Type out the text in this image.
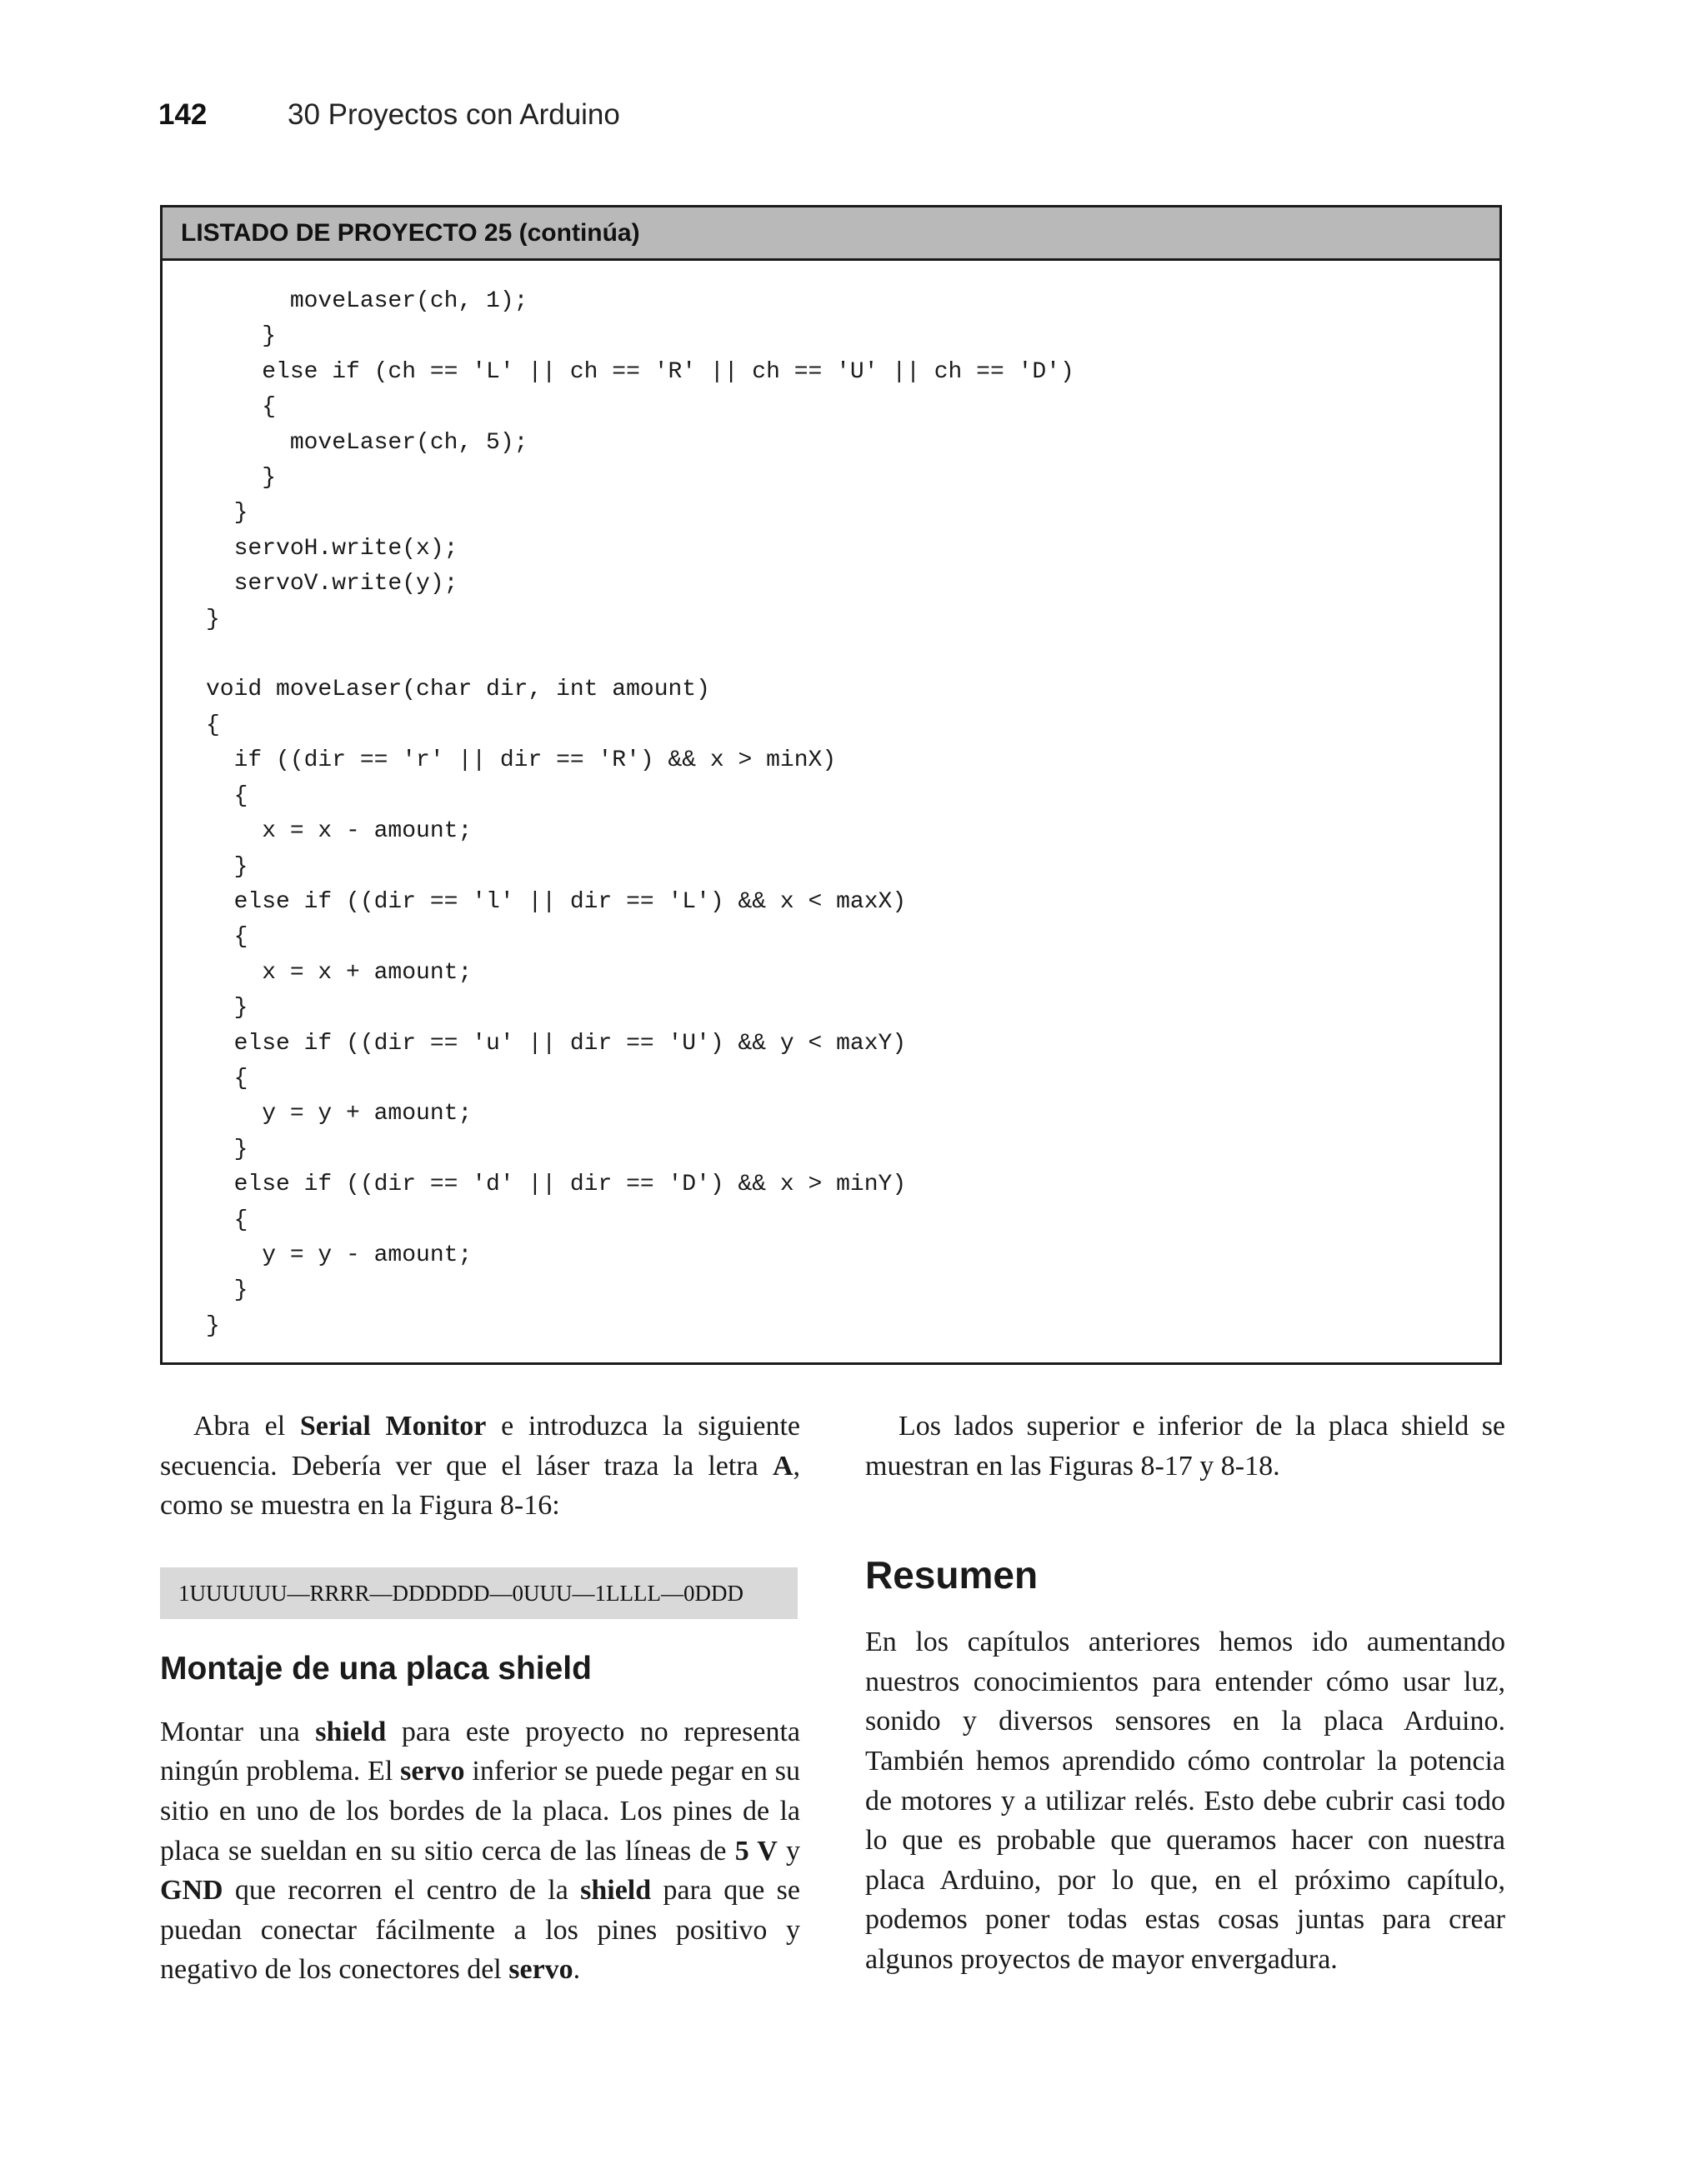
142	30 Proyectos con Arduino
LISTADO DE PROYECTO 25 (continúa)
moveLaser(ch, 1);
}
else if (ch == 'L' || ch == 'R' || ch == 'U' || ch == 'D')
{
moveLaser(ch, 5);
}
}
servoH.write(x);
servoV.write(y);
}

void moveLaser(char dir, int amount)
{
if ((dir == 'r' || dir == 'R') && x > minX)
{
x = x - amount;
}
else if ((dir == 'l' || dir == 'L') && x < maxX)
{
x = x + amount;
}
else if ((dir == 'u' || dir == 'U') && y < maxY)
{
y = y + amount;
}
else if ((dir == 'd' || dir == 'D') && x > minY)
{
y = y - amount;
}
}

Abra el Serial Monitor e introduzca la siguiente secuencia. Debería ver que el láser traza la letra A, como se muestra en la Figura 8-16:

1UUUUUU—RRRR—DDDDDD—0UUU—1LLLL—0DDD
Montaje de una placa shield

Montar una shield para este proyecto no representa ningún problema. El servo inferior se puede pegar en su sitio en uno de los bordes de la placa. Los pines de la placa se sueldan en su sitio cerca de las líneas de 5 V y GND que recorren el centro de la shield para que se puedan conectar fácilmente a los pines positivo y negativo de los conectores del servo.

Los lados superior e inferior de la placa shield se muestran en las Figuras 8-17 y 8-18.

Resumen

En los capítulos anteriores hemos ido aumentando nuestros conocimientos para entender cómo usar luz, sonido y diversos sensores en la placa Arduino. También hemos aprendido cómo controlar la potencia de motores y a utilizar relés. Esto debe cubrir casi todo lo que es probable que queramos hacer con nuestra placa Arduino, por lo que, en el próximo capítulo, podemos poner todas estas cosas juntas para crear algunos proyectos de mayor envergadura.
